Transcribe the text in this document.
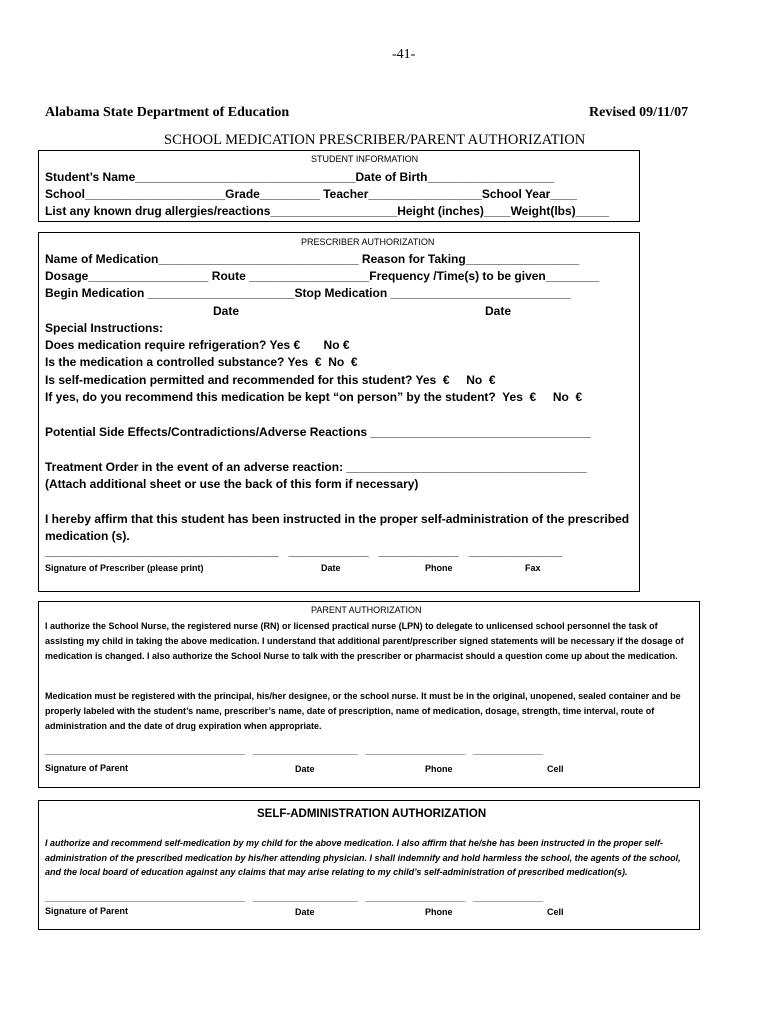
-41-
Alabama State Department of Education	Revised 09/11/07
SCHOOL MEDICATION PRESCRIBER/PARENT AUTHORIZATION
STUDENT INFORMATION
Student’s Name_________________________________Date of Birth___________________
School_____________________Grade_________ Teacher_________________School Year____
List any known drug allergies/reactions___________________Height (inches)____Weight(lbs)_____
PRESCRIBER AUTHORIZATION
Name of Medication______________________________ Reason for Taking_________________
Dosage__________________ Route __________________Frequency /Time(s) to be given________
Begin Medication ______________________Stop Medication ___________________________
Date	Date
Special Instructions:
Does medication require refrigeration? Yes €       No €
Is the medication a controlled substance? Yes  €  No  €
Is self-medication permitted and recommended for this student? Yes  €     No  €
If yes, do you recommend this medication be kept “on person” by the student?  Yes  €     No  €
Potential Side Effects/Contradictions/Adverse Reactions _________________________________
Treatment Order in the event of an adverse reaction: ____________________________________
(Attach additional sheet or use the back of this form if necessary)
I hereby affirm that this student has been instructed in the proper self-administration of the prescribed
medication (s).
___________________________________   ____________   ____________   ______________
Signature of Prescriber (please print)	Date	Phone	Fax
PARENT AUTHORIZATION
I authorize the School Nurse, the registered nurse (RN) or licensed practical nurse (LPN) to delegate to unlicensed school personnel the task of assisting my child in taking the above medication. I understand that additional parent/prescriber signed statements will be necessary if the dosage of medication is changed. I also authorize the School Nurse to talk with the prescriber or pharmacist should a question come up about the medication.
Medication must be registered with the principal, his/her designee, or the school nurse. It must be in the original, unopened, sealed container and be properly labeled with the student’s name, prescriber’s name, date of prescription, name of medication, dosage, strength, time interval, route of administration and the date of drug expiration when appropriate.
________________________________________   _____________________   ____________________   ______________
Signature of Parent	Date	Phone	Cell
SELF-ADMINISTRATION AUTHORIZATION
I authorize and recommend self-medication by my child for the above medication. I also affirm that he/she has been instructed in the proper self-administration of the prescribed medication by his/her attending physician. I shall indemnify and hold harmless the school, the agents of the school, and the local board of education against any claims that may arise relating to my child’s self-administration of prescribed medication(s).
________________________________________   _____________________   ____________________   ______________
Signature of Parent	Date	Phone	Cell
